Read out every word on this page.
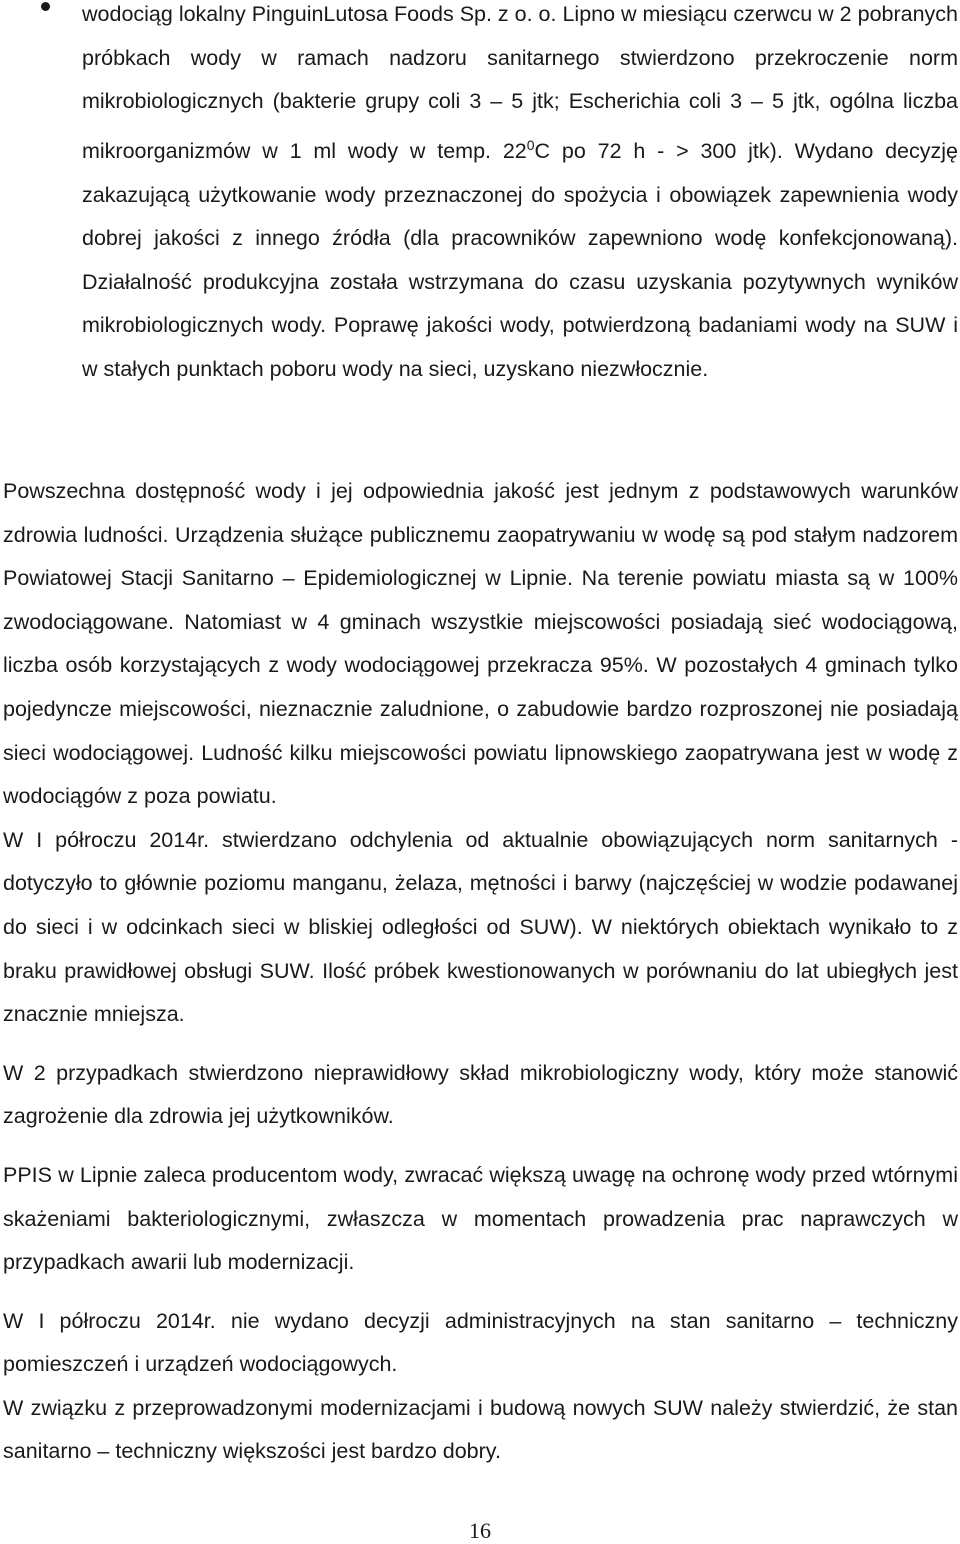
wodociąg lokalny PinguinLutosa Foods Sp. z o. o. Lipno w miesiącu czerwcu w 2 pobranych próbkach wody w ramach nadzoru sanitarnego stwierdzono przekroczenie norm mikrobiologicznych (bakterie grupy coli 3 – 5 jtk; Escherichia coli 3 – 5 jtk, ogólna liczba mikroorganizmów w 1 ml wody w temp. $22^0C$ po 72 h - > 300 jtk). Wydano decyzję zakazującą użytkowanie wody przeznaczonej do spożycia i obowiązek zapewnienia wody dobrej jakości z innego źródła (dla pracowników zapewniono wodę konfekcjonowaną). Działalność produkcyjna została wstrzymana do czasu uzyskania pozytywnych wyników mikrobiologicznych wody. Poprawę jakości wody, potwierdzoną badaniami wody na SUW i w stałych punktach poboru wody na sieci, uzyskano niezwłocznie.

Powszechna dostępność wody i jej odpowiednia jakość jest jednym z podstawowych warunków zdrowia ludności. Urządzenia służące publicznemu zaopatrywaniu w wodę są pod stałym nadzorem Powiatowej Stacji Sanitarno – Epidemiologicznej w Lipnie. Na terenie powiatu miasta są w 100% zwodociągowane. Natomiast w 4 gminach wszystkie miejscowości posiadają sieć wodociągową, liczba osób korzystających z wody wodociągowej przekracza 95%. W pozostałych 4 gminach tylko pojedyncze miejscowości, nieznacznie zaludnione, o zabudowie bardzo rozproszonej nie posiadają sieci wodociągowej. Ludność kilku miejscowości powiatu lipnowskiego zaopatrywana jest w wodę z wodociągów z poza powiatu.

W I półroczu 2014r. stwierdzano odchylenia od aktualnie obowiązujących norm sanitarnych - dotyczyło to głównie poziomu manganu, żelaza, mętności i barwy (najczęściej w wodzie podawanej do sieci i w odcinkach sieci w bliskiej odległości od SUW). W niektórych obiektach wynikało to z braku prawidłowej obsługi SUW. Ilość próbek kwestionowanych w porównaniu do lat ubiegłych jest znacznie mniejsza.

W 2 przypadkach stwierdzono nieprawidłowy skład mikrobiologiczny wody, który może stanowić zagrożenie dla zdrowia jej użytkowników.

PPIS w Lipnie zaleca producentom wody, zwracać większą uwagę na ochronę wody przed wtórnymi skażeniami bakteriologicznymi, zwłaszcza w momentach prowadzenia prac naprawczych w przypadkach awarii lub modernizacji.

W I półroczu 2014r. nie wydano decyzji administracyjnych na stan sanitarno – techniczny pomieszczeń i urządzeń wodociągowych.

W związku z przeprowadzonymi modernizacjami i budową nowych SUW należy stwierdzić, że stan sanitarno – techniczny większości jest bardzo dobry.

16
